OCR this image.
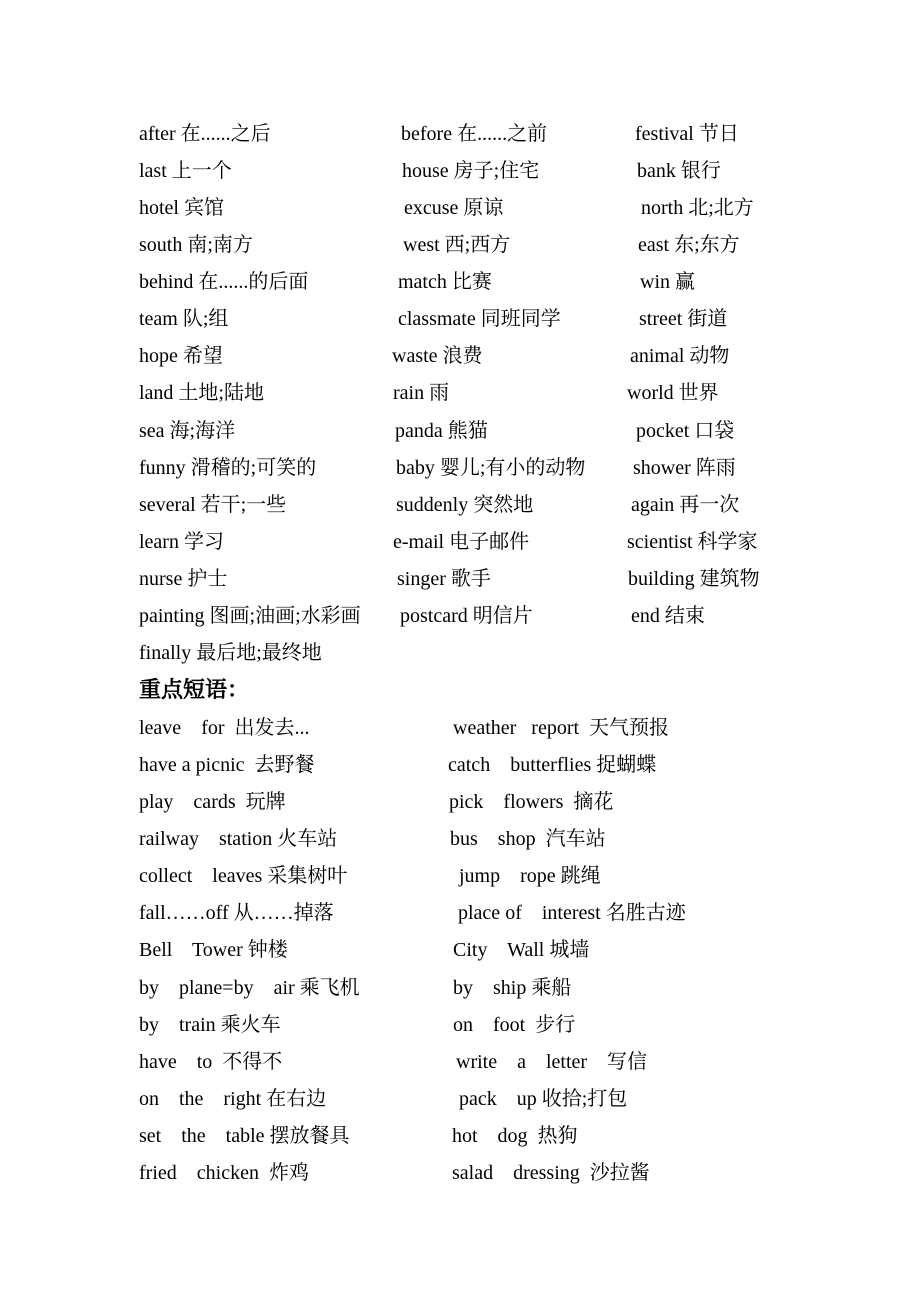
after 在......之后	before 在......之前	festival 节日
last 上一个	house 房子;住宅	bank 银行
hotel 宾馆	excuse 原谅	north 北;北方
south 南;南方	west 西;西方	east 东;东方
behind 在......的后面	match 比赛	win 赢
team 队;组	classmate 同班同学	street 街道
hope 希望	waste 浪费	animal 动物
land 土地;陆地	rain 雨	world 世界
sea 海;海洋	panda 熊猫	pocket 口袋
funny 滑稽的;可笑的	baby 婴儿;有小的动物 shower 阵雨
several 若干;一些	suddenly 突然地	again 再一次
learn 学习	e-mail 电子邮件	scientist 科学家
nurse 护士	singer 歌手	building 建筑物
painting 图画;油画;水彩画 postcard 明信片	end 结束
finally 最后地;最终地
重点短语：
leave    for  出发去...	weather   report  天气预报
have a picnic  去野餐	catch    butterflies 捉蝴蝶
play    cards  玩牌	pick    flowers  摘花
railway    station 火车站	bus    shop  汽车站
collect    leaves 采集树叶	jump    rope 跳绳
fall……off 从……掉落	place of    interest 名胜古迹
Bell    Tower 钟楼	City    Wall 城墙
by    plane=by    air 乘飞机	by    ship 乘船
by    train 乘火车	on    foot  步行
have    to  不得不	write    a    letter    写信
on    the    right 在右边	pack    up 收拾;打包
set    the    table 摆放餐具	hot    dog  热狗
fried    chicken  炸鸡	salad    dressing  沙拉酱
